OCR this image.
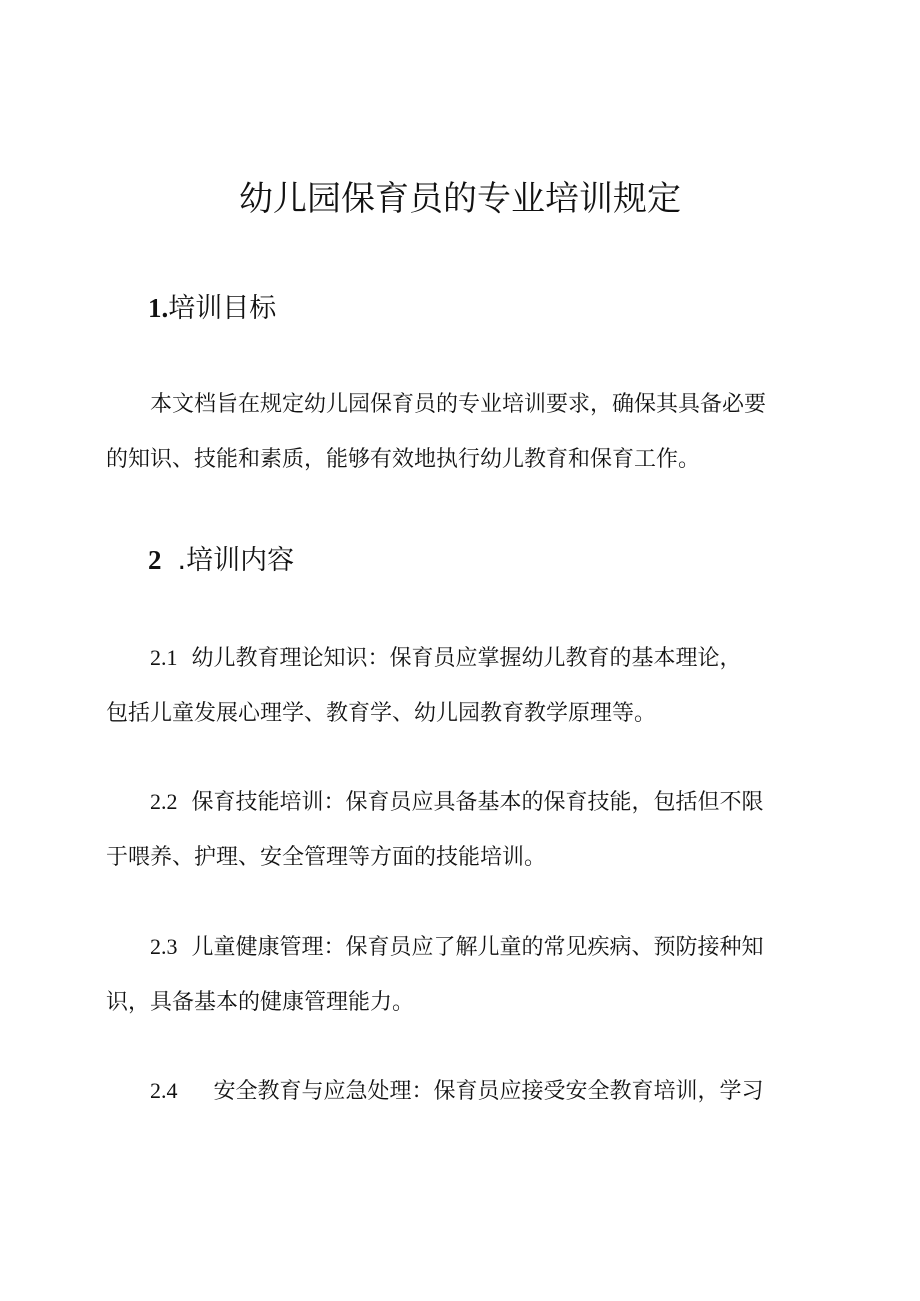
幼儿园保育员的专业培训规定
1.培训目标

本文档旨在规定幼儿园保育员的专业培训要求，确保其具备必要
的知识、技能和素质，能够有效地执行幼儿教育和保育工作。

2 .培训内容

2.1 幼儿教育理论知识：保育员应掌握幼儿教育的基本理论，
包括儿童发展心理学、教育学、幼儿园教育教学原理等。

2.2 保育技能培训：保育员应具备基本的保育技能，包括但不限
于喂养、护理、安全管理等方面的技能培训。

2.3 儿童健康管理：保育员应了解儿童的常见疾病、预防接种知
识，具备基本的健康管理能力。

2.4 安全教育与应急处理：保育员应接受安全教育培训，学习
